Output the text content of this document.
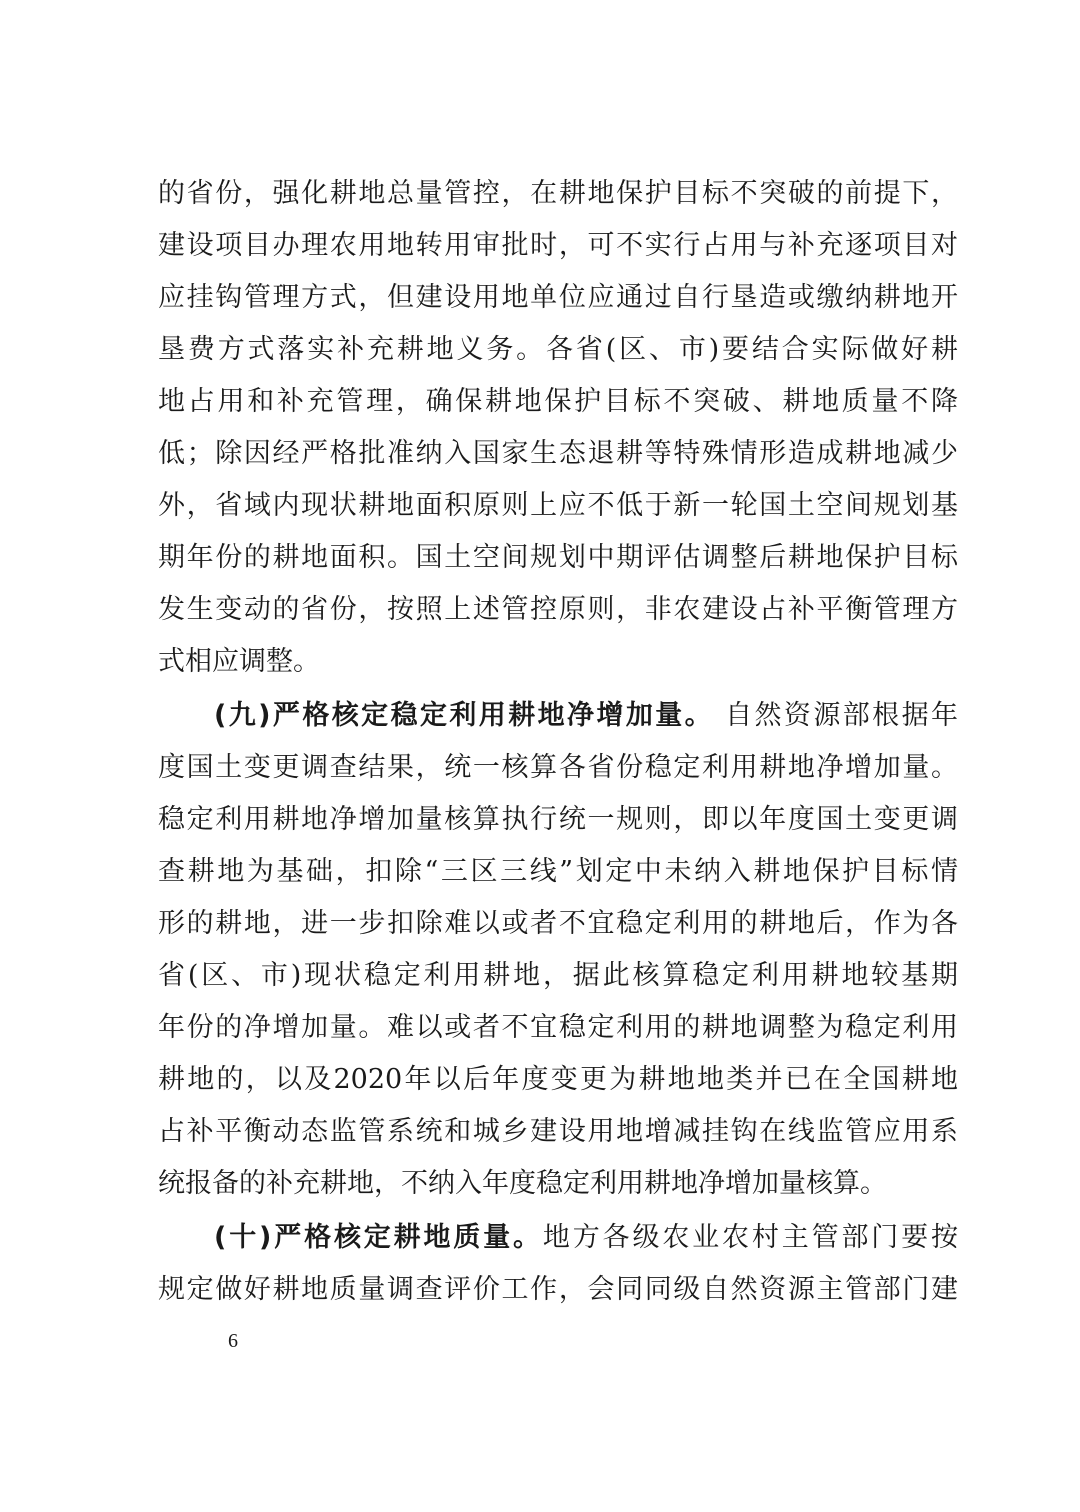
的省份，强化耕地总量管控，在耕地保护目标不突破的前提下，
建设项目办理农用地转用审批时，可不实行占用与补充逐项目对
应挂钩管理方式，但建设用地单位应通过自行垦造或缴纳耕地开
垦费方式落实补充耕地义务。各省(区、市)要结合实际做好耕
地占用和补充管理，确保耕地保护目标不突破、耕地质量不降
低；除因经严格批准纳入国家生态退耕等特殊情形造成耕地减少
外，省域内现状耕地面积原则上应不低于新一轮国土空间规划基
期年份的耕地面积。国土空间规划中期评估调整后耕地保护目标
发生变动的省份，按照上述管控原则，非农建设占补平衡管理方
式相应调整。
(九)严格核定稳定利用耕地净增加量。 自然资源部根据年
度国土变更调查结果，统一核算各省份稳定利用耕地净增加量。
稳定利用耕地净增加量核算执行统一规则，即以年度国土变更调
查耕地为基础，扣除“三区三线”划定中未纳入耕地保护目标情
形的耕地，进一步扣除难以或者不宜稳定利用的耕地后，作为各
省(区、市)现状稳定利用耕地，据此核算稳定利用耕地较基期
年份的净增加量。难以或者不宜稳定利用的耕地调整为稳定利用
耕地的，以及2020年以后年度变更为耕地地类并已在全国耕地
占补平衡动态监管系统和城乡建设用地增减挂钩在线监管应用系
统报备的补充耕地，不纳入年度稳定利用耕地净增加量核算。
(十)严格核定耕地质量。地方各级农业农村主管部门要按
规定做好耕地质量调查评价工作，会同同级自然资源主管部门建
6
